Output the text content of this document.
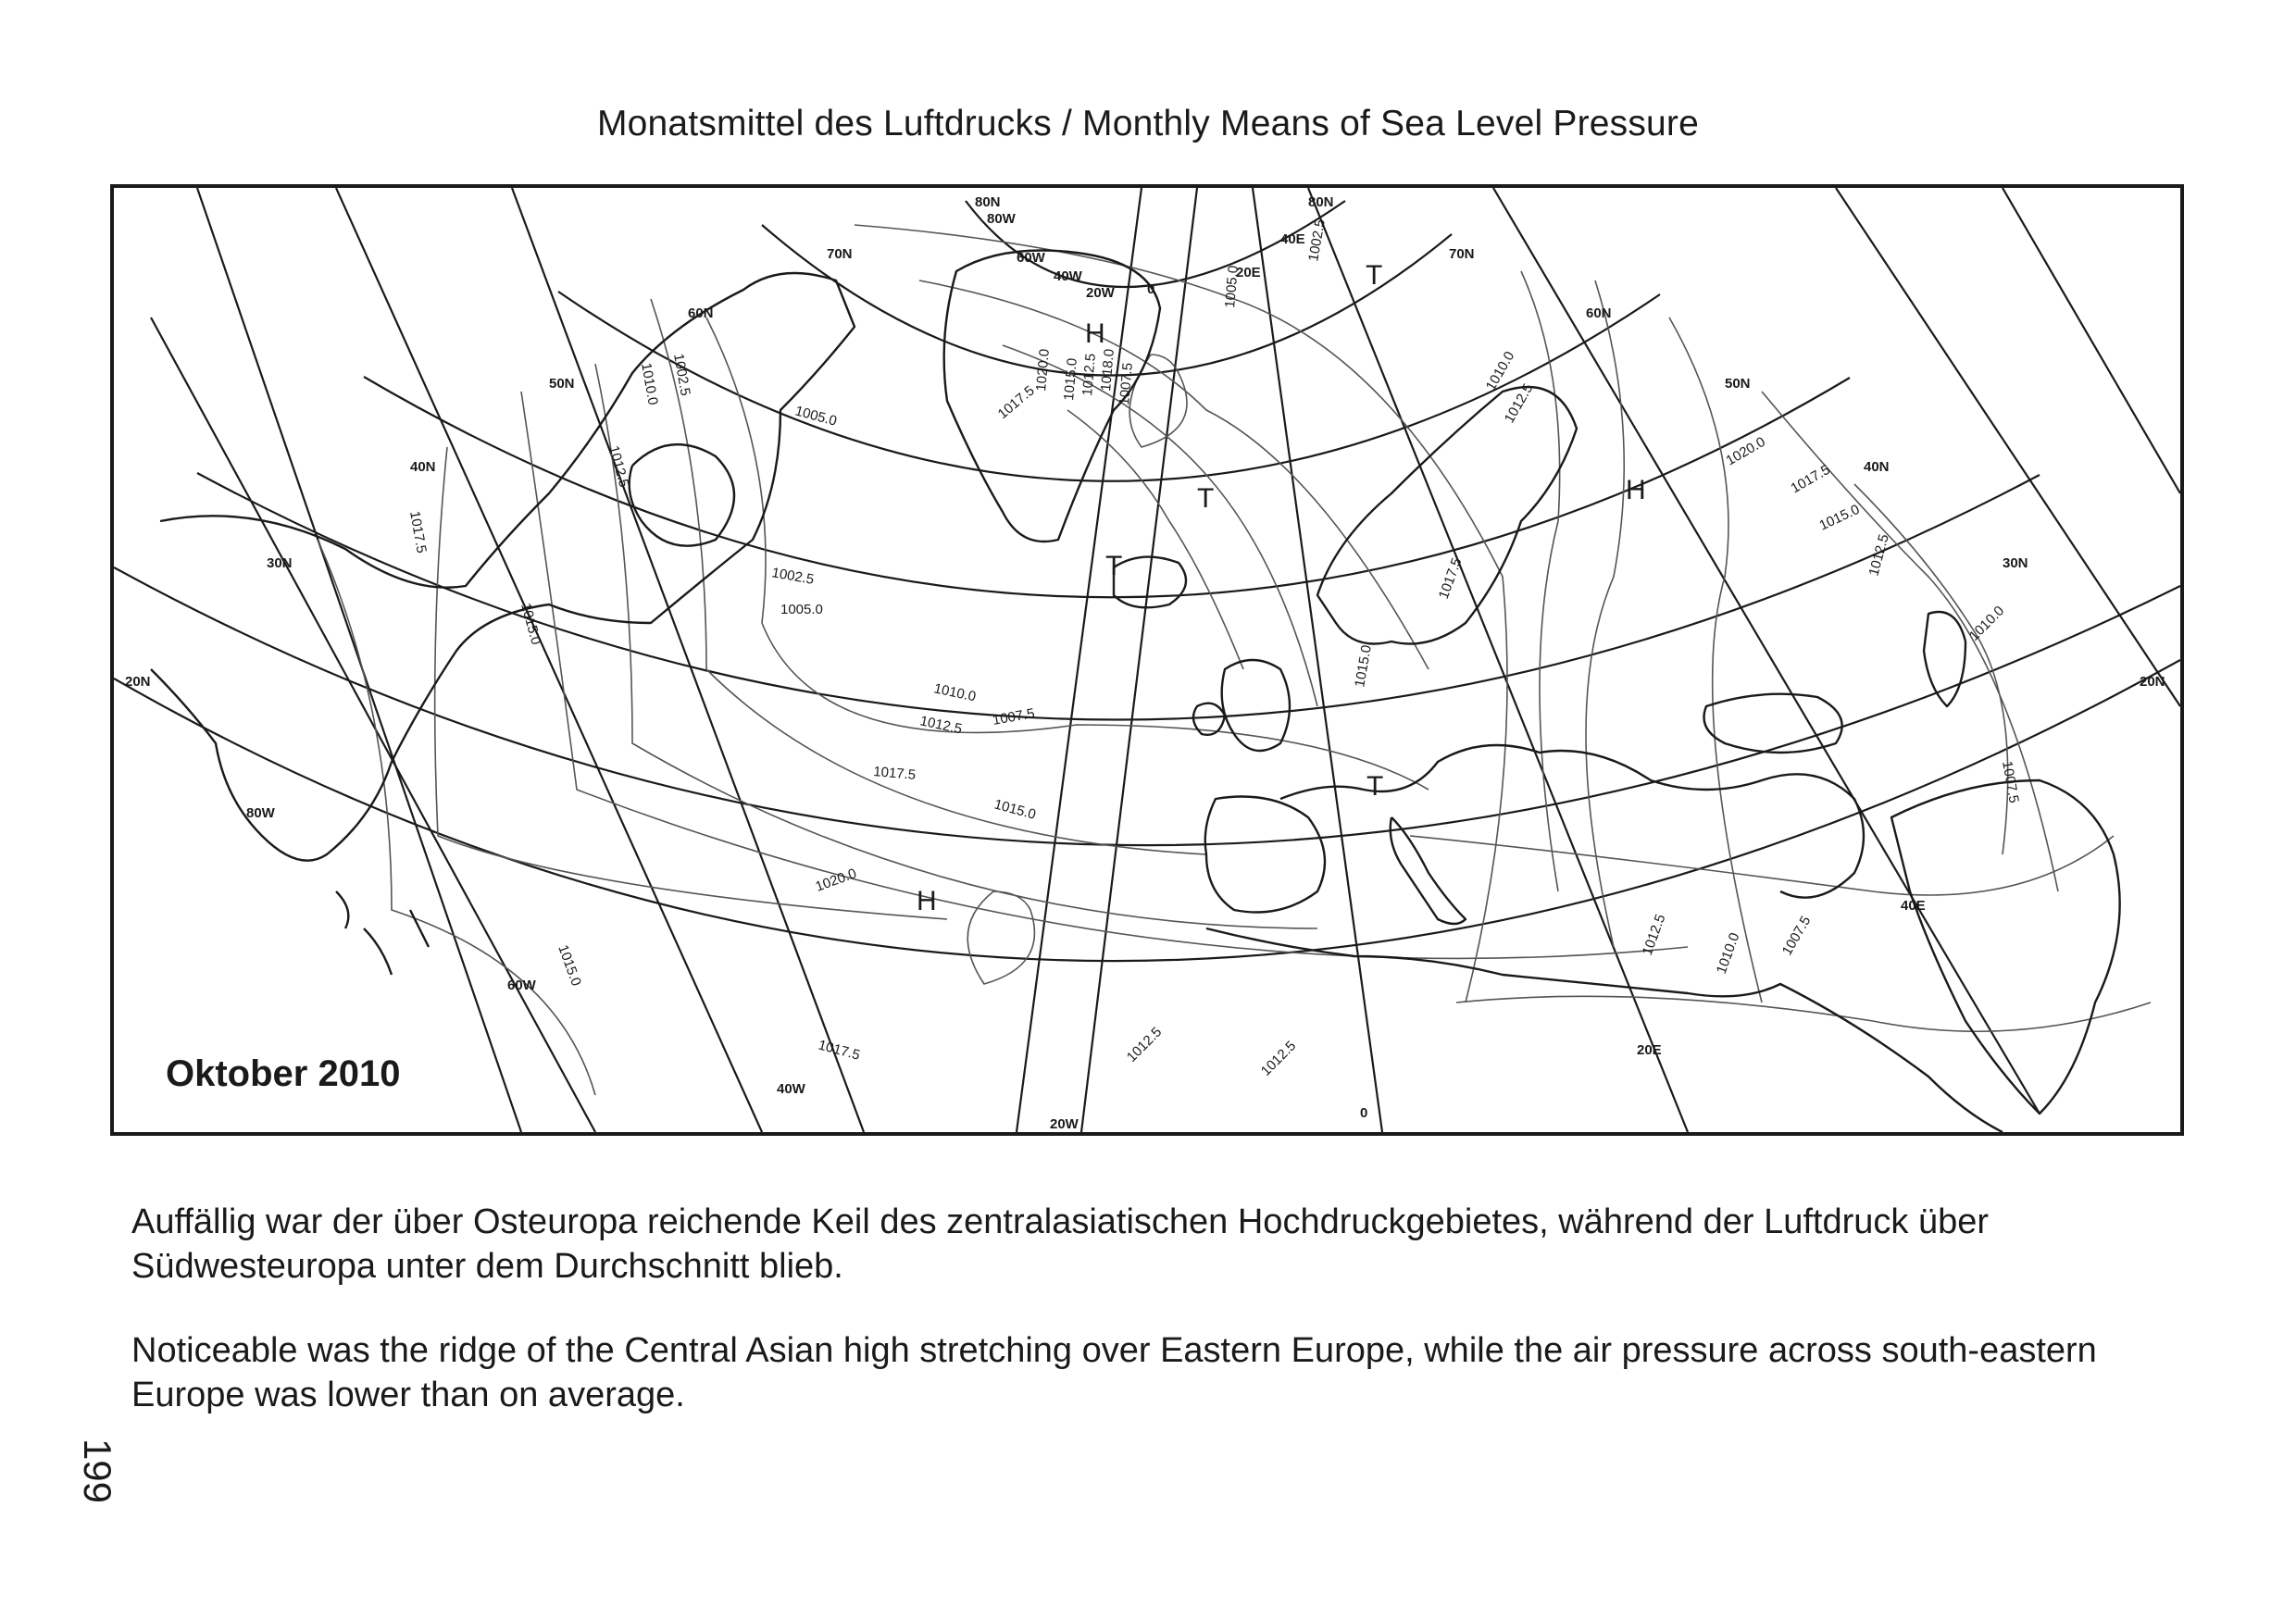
Monatsmittel des Luftdrucks / Monthly Means of Sea Level Pressure
1010.0 1002.5
1012.5
1017.5
1015.0
1005.0
1002.5
1005.0
1010.0
1012.5
1017.5
1015.0
1020.0
1015.0
1017.5	1012.5
1007.5
1020.0 1015.0 1012.5 1018.0 1007.5
1017.5
1005.0
1002.5
1010.0
1012.5
1017.5
1015.0
1020.0
1017.5
1015.0
1012.5
1010.0
1007.5
1012.5	1010.0	1007.5
1012.5
H
T
T
T
T
H
H
80N
70N
60N
50N
40N
30N
20N
80N
70N
60N
50N
40N
30N
20N
80W
60W
40W
20W
0
20E
40E
80W
60W
40W
20W 0
20E
40E
Oktober 2010
Auffällig war der über Osteuropa reichende Keil des zentralasiatischen Hochdruckgebietes, während der Luftdruck über Südwesteuropa unter dem Durchschnitt blieb.
Noticeable was the ridge of the Central Asian high stretching over Eastern Europe, while the air pressure across south-eastern Europe was lower than on average.
199
